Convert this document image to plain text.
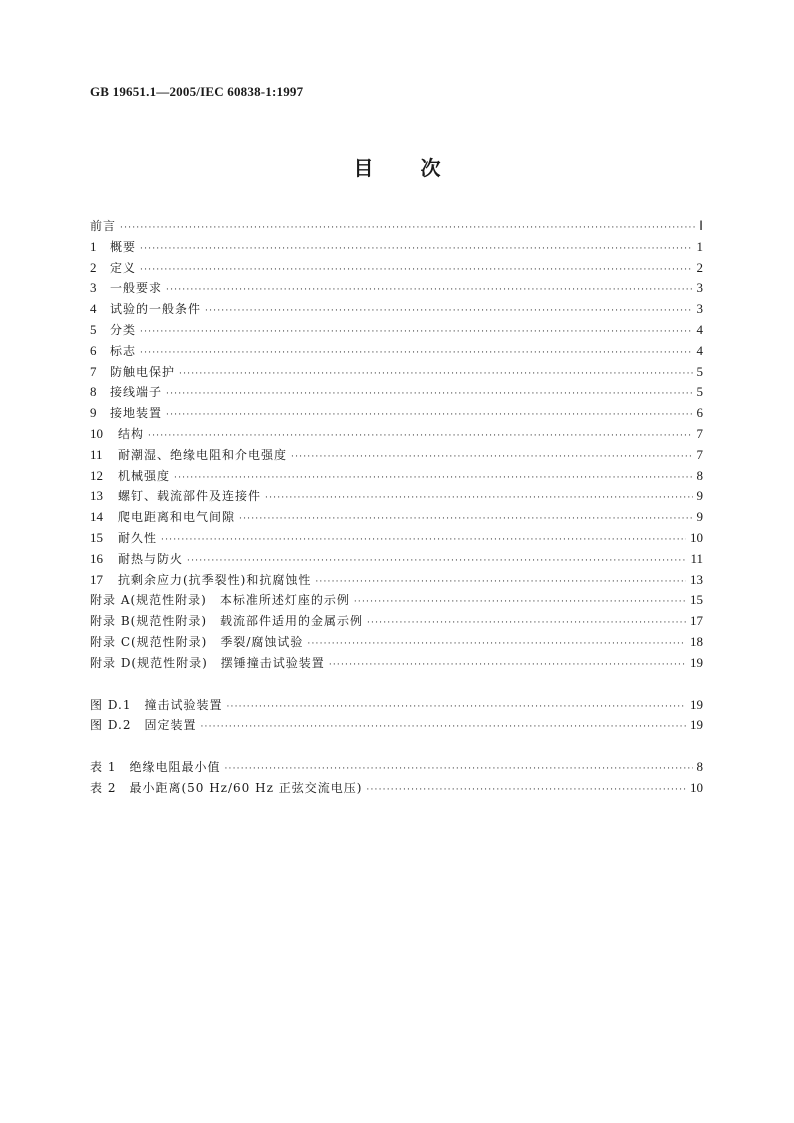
GB 19651.1—2005/IEC 60838-1:1997
目 次
前言 ·····	Ⅰ
1	概要 ·····	1
2	定义 ·····	2
3	一般要求 ·····	3
4	试验的一般条件 ·····	3
5	分类 ·····	4
6	标志 ·····	4
7	防触电保护 ·····	5
8	接线端子 ·····	5
9	接地装置 ·····	6
10	结构 ·····	7
11	耐潮湿、绝缘电阻和介电强度 ·····	7
12	机械强度 ·····	8
13	螺钉、载流部件及连接件 ·····	9
14	爬电距离和电气间隙 ·····	9
15	耐久性 ·····	10
16	耐热与防火 ·····	11
17	抗剩余应力(抗季裂性)和抗腐蚀性 ·····	13
附录 A(规范性附录)　本标准所述灯座的示例 ·····	15
附录 B(规范性附录)　载流部件适用的金属示例 ·····	17
附录 C(规范性附录)　季裂/腐蚀试验 ·····	18
附录 D(规范性附录)　摆锤撞击试验装置 ·····	19
图 D.1　撞击试验装置 ·····	19
图 D.2　固定装置 ·····	19
表 1　绝缘电阻最小值 ·····	8
表 2　最小距离(50 Hz/60 Hz 正弦交流电压) ·····	10
